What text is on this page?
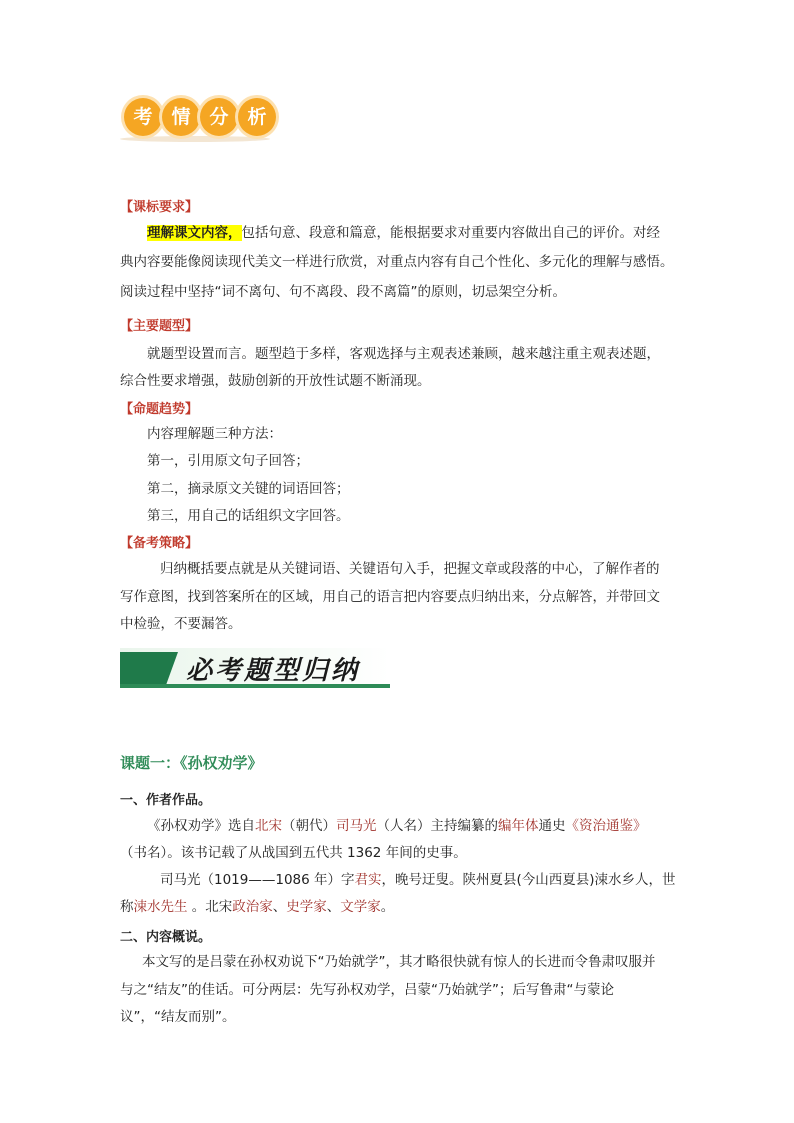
考 情 分 析
【课标要求】
理解课文内容，包括句意、段意和篇意，能根据要求对重要内容做出自己的评价。对经
典内容要能像阅读现代美文一样进行欣赏，对重点内容有自己个性化、多元化的理解与感悟。
阅读过程中坚持“词不离句、句不离段、段不离篇”的原则，切忌架空分析。
【主要题型】
就题型设置而言。题型趋于多样，客观选择与主观表述兼顾，越来越注重主观表述题，
综合性要求增强，鼓励创新的开放性试题不断涌现。
【命题趋势】
内容理解题三种方法：
第一，引用原文句子回答；
第二，摘录原文关键的词语回答；
第三，用自己的话组织文字回答。
【备考策略】
归纳概括要点就是从关键词语、关键语句入手，把握文章或段落的中心，了解作者的
写作意图，找到答案所在的区域，用自己的语言把内容要点归纳出来，分点解答，并带回文
中检验，不要漏答。
必考题型归纳
课题一：《孙权劝学》
一、作者作品。
《孙权劝学》选自北宋（朝代）司马光（人名）主持编纂的编年体通史《资治通鉴》
（书名）。该书记载了从战国到五代共 1362 年间的史事。
司马光（1019——1086 年）字君实，晚号迂叟。陕州夏县(今山西夏县)涑水乡人，世
称涑水先生 。北宋政治家、史学家、文学家。
二、内容概说。
本文写的是吕蒙在孙权劝说下“乃始就学”，其才略很快就有惊人的长进而令鲁肃叹服并
与之“结友”的佳话。可分两层：先写孙权劝学，吕蒙“乃始就学”；后写鲁肃“与蒙论
议”，“结友而别”。
